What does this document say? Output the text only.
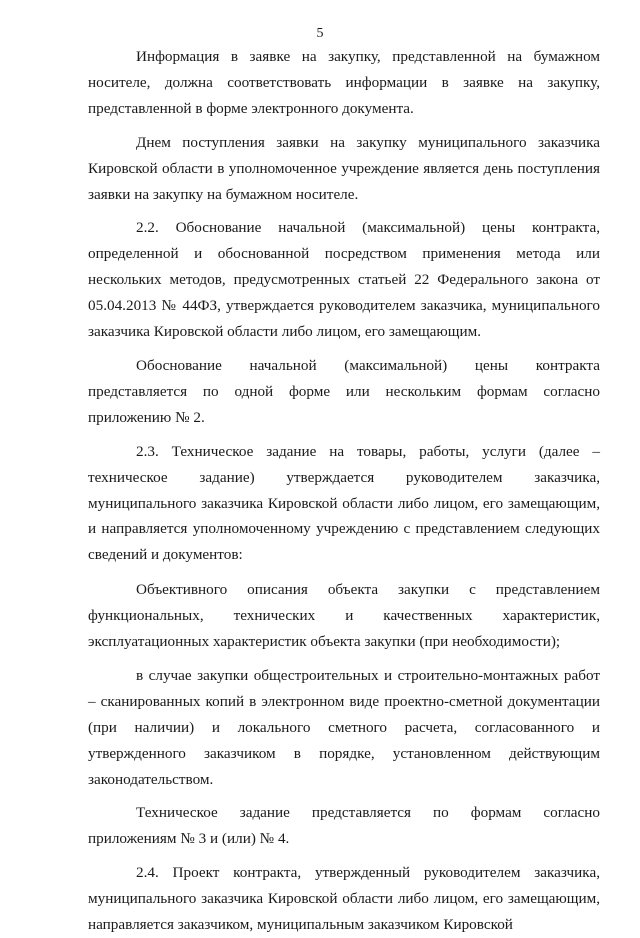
5

Информация в заявке на закупку, представленной на бумажном носителе, должна соответствовать информации в заявке на закупку, представленной в форме электронного документа.

Днем поступления заявки на закупку муниципального заказчика Кировской области в уполномоченное учреждение является день поступления заявки на закупку на бумажном носителе.

2.2. Обоснование начальной (максимальной) цены контракта, определенной и обоснованной посредством применения метода или нескольких методов, предусмотренных статьей 22 Федерального закона от 05.04.2013 № 44ФЗ, утверждается руководителем заказчика, муниципального заказчика Кировской области либо лицом, его замещающим.

Обоснование начальной (максимальной) цены контракта представляется по одной форме или нескольким формам согласно приложению № 2.

2.3. Техническое задание на товары, работы, услуги (далее – техническое задание) утверждается руководителем заказчика, муниципального заказчика Кировской области либо лицом, его замещающим, и направляется уполномоченному учреждению с представлением следующих сведений и документов:

Объективного описания объекта закупки с представлением функциональных, технических и качественных характеристик, эксплуатационных характеристик объекта закупки (при необходимости);

в случае закупки общестроительных и строительно-монтажных работ – сканированных копий в электронном виде проектно-сметной документации (при наличии) и локального сметного расчета, согласованного и утвержденного заказчиком в порядке, установленном действующим законодательством.

Техническое задание представляется по формам согласно приложениям № 3 и (или) № 4.

2.4. Проект контракта, утвержденный руководителем заказчика, муниципального заказчика Кировской области либо лицом, его замещающим, направляется заказчиком, муниципальным заказчиком Кировской
